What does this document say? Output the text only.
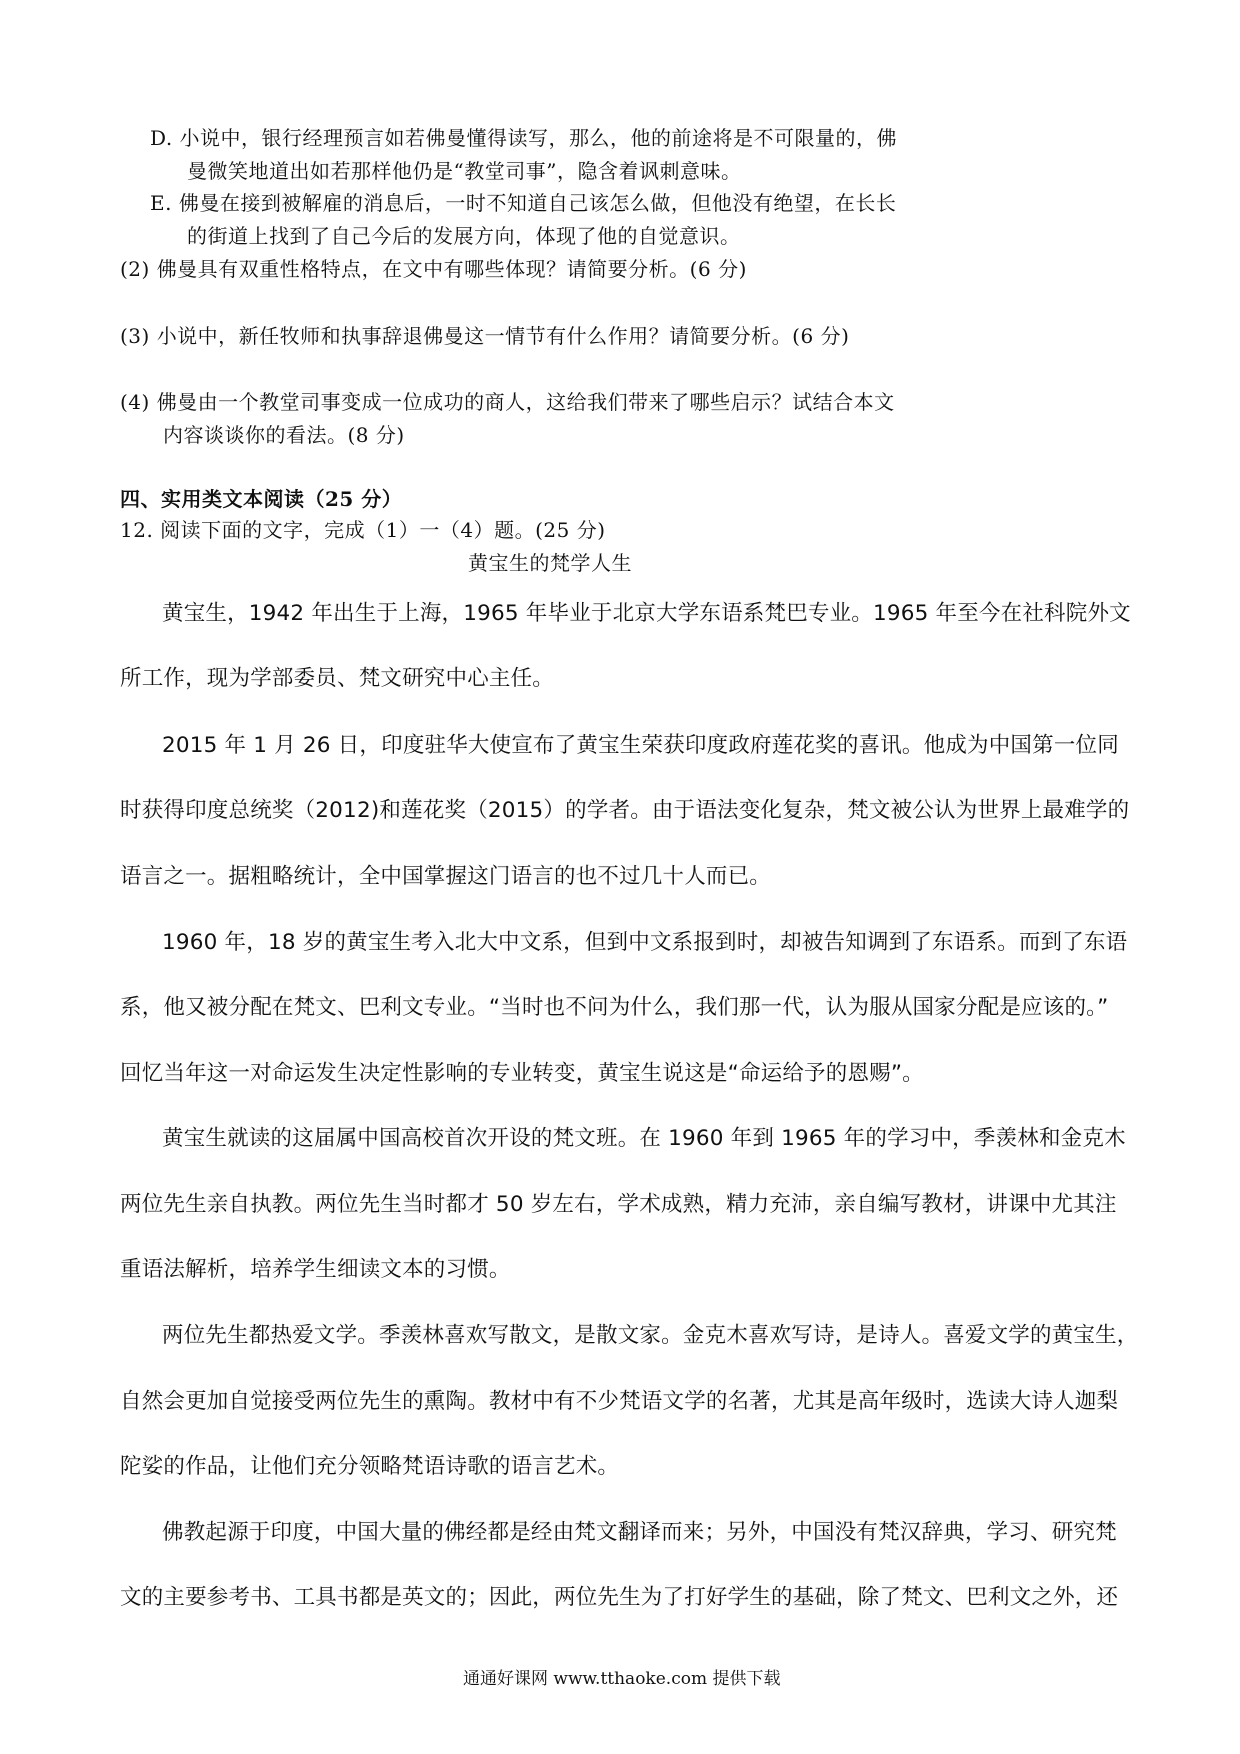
D. 小说中，银行经理预言如若佛曼懂得读写，那么，他的前途将是不可限量的，佛
曼微笑地道出如若那样他仍是“教堂司事”，隐含着讽刺意味。
E. 佛曼在接到被解雇的消息后，一时不知道自己该怎么做，但他没有绝望，在长长
的街道上找到了自己今后的发展方向，体现了他的自觉意识。
(2) 佛曼具有双重性格特点，在文中有哪些体现？请简要分析。(6 分)
(3) 小说中，新任牧师和执事辞退佛曼这一情节有什么作用？请简要分析。(6 分)
(4) 佛曼由一个教堂司事变成一位成功的商人，这给我们带来了哪些启示？试结合本文
内容谈谈你的看法。(8 分)
四、实用类文本阅读（25 分）
12. 阅读下面的文字，完成（1）一（4）题。(25 分)
黄宝生的梵学人生
黄宝生，1942 年出生于上海，1965 年毕业于北京大学东语系梵巴专业。1965 年至今在社科院外文
所工作，现为学部委员、梵文研究中心主任。
2015 年 1 月 26 日，印度驻华大使宣布了黄宝生荣获印度政府莲花奖的喜讯。他成为中国第一位同
时获得印度总统奖（2012)和莲花奖（2015）的学者。由于语法变化复杂，梵文被公认为世界上最难学的
语言之一。据粗略统计，全中国掌握这门语言的也不过几十人而已。
1960 年，18 岁的黄宝生考入北大中文系，但到中文系报到时，却被告知调到了东语系。而到了东语
系，他又被分配在梵文、巴利文专业。“当时也不问为什么，我们那一代，认为服从国家分配是应该的。”
回忆当年这一对命运发生决定性影响的专业转变，黄宝生说这是“命运给予的恩赐”。
黄宝生就读的这届属中国高校首次开设的梵文班。在 1960 年到 1965 年的学习中，季羡林和金克木
两位先生亲自执教。两位先生当时都才 50 岁左右，学术成熟，精力充沛，亲自编写教材，讲课中尤其注
重语法解析，培养学生细读文本的习惯。
两位先生都热爱文学。季羡林喜欢写散文，是散文家。金克木喜欢写诗，是诗人。喜爱文学的黄宝生，
自然会更加自觉接受两位先生的熏陶。教材中有不少梵语文学的名著，尤其是高年级时，选读大诗人迦梨
陀娑的作品，让他们充分领略梵语诗歌的语言艺术。
佛教起源于印度，中国大量的佛经都是经由梵文翻译而来；另外，中国没有梵汉辞典，学习、研究梵
文的主要参考书、工具书都是英文的；因此，两位先生为了打好学生的基础，除了梵文、巴利文之外，还
通通好课网 www.tthaoke.com 提供下载
